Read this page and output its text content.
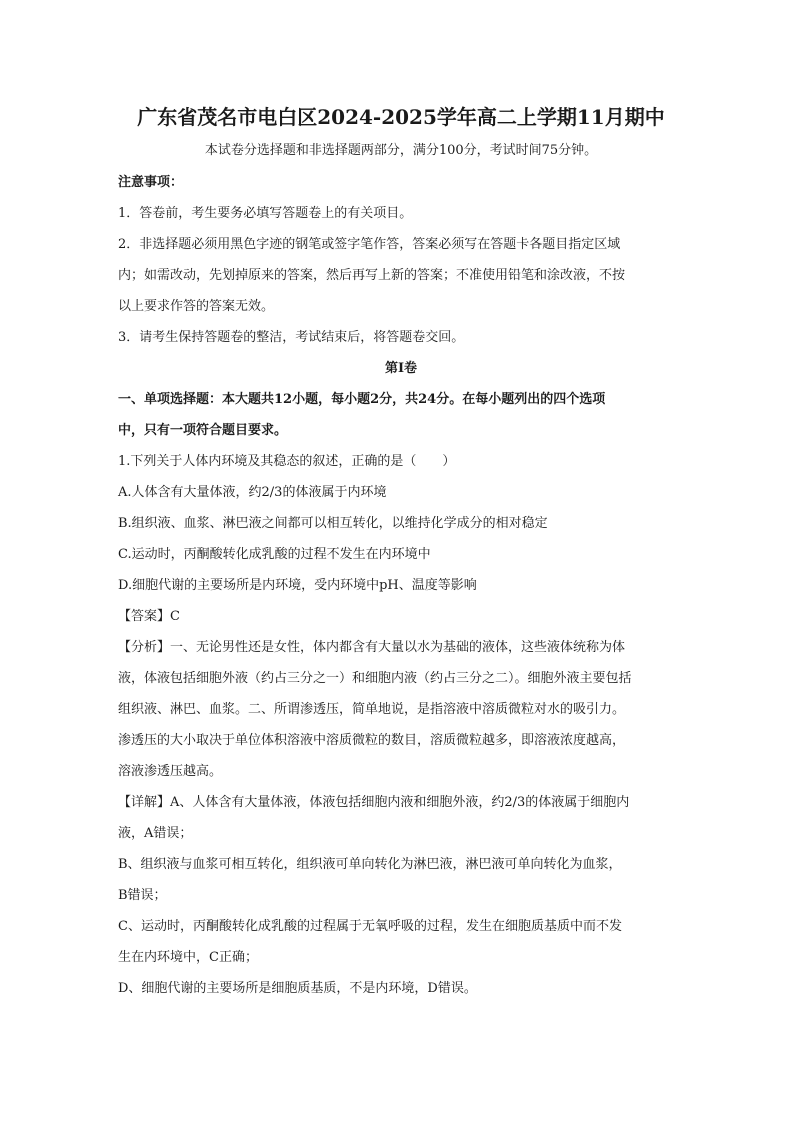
广东省茂名市电白区2024-2025学年高二上学期11月期中

本试卷分选择题和非选择题两部分，满分100分，考试时间75分钟。

注意事项：

1．答卷前，考生要务必填写答题卷上的有关项目。

2．非选择题必须用黑色字迹的钢笔或签字笔作答，答案必须写在答题卡各题目指定区域

内；如需改动，先划掉原来的答案，然后再写上新的答案；不准使用铅笔和涂改液，不按

以上要求作答的答案无效。

3．请考生保持答题卷的整洁，考试结束后，将答题卷交回。

第Ⅰ卷

一、单项选择题：本大题共12小题，每小题2分，共24分。在每小题列出的四个选项

中，只有一项符合题目要求。

1.下列关于人体内环境及其稳态的叙述，正确的是（　　）

A.人体含有大量体液，约2/3的体液属于内环境

B.组织液、血浆、淋巴液之间都可以相互转化，以维持化学成分的相对稳定

C.运动时，丙酮酸转化成乳酸的过程不发生在内环境中

D.细胞代谢的主要场所是内环境，受内环境中pH、温度等影响

【答案】C

【分析】一、无论男性还是女性，体内都含有大量以水为基础的液体，这些液体统称为体

液，体液包括细胞外液（约占三分之一）和细胞内液（约占三分之二）。细胞外液主要包括

组织液、淋巴、血浆。二、所谓渗透压，简单地说，是指溶液中溶质微粒对水的吸引力。

渗透压的大小取决于单位体积溶液中溶质微粒的数目，溶质微粒越多，即溶液浓度越高，

溶液渗透压越高。

【详解】A、人体含有大量体液，体液包括细胞内液和细胞外液，约2/3的体液属于细胞内

液，A错误；

B、组织液与血浆可相互转化，组织液可单向转化为淋巴液，淋巴液可单向转化为血浆，

B错误；

C、运动时，丙酮酸转化成乳酸的过程属于无氧呼吸的过程，发生在细胞质基质中而不发

生在内环境中，C正确；

D、细胞代谢的主要场所是细胞质基质，不是内环境，D错误。
